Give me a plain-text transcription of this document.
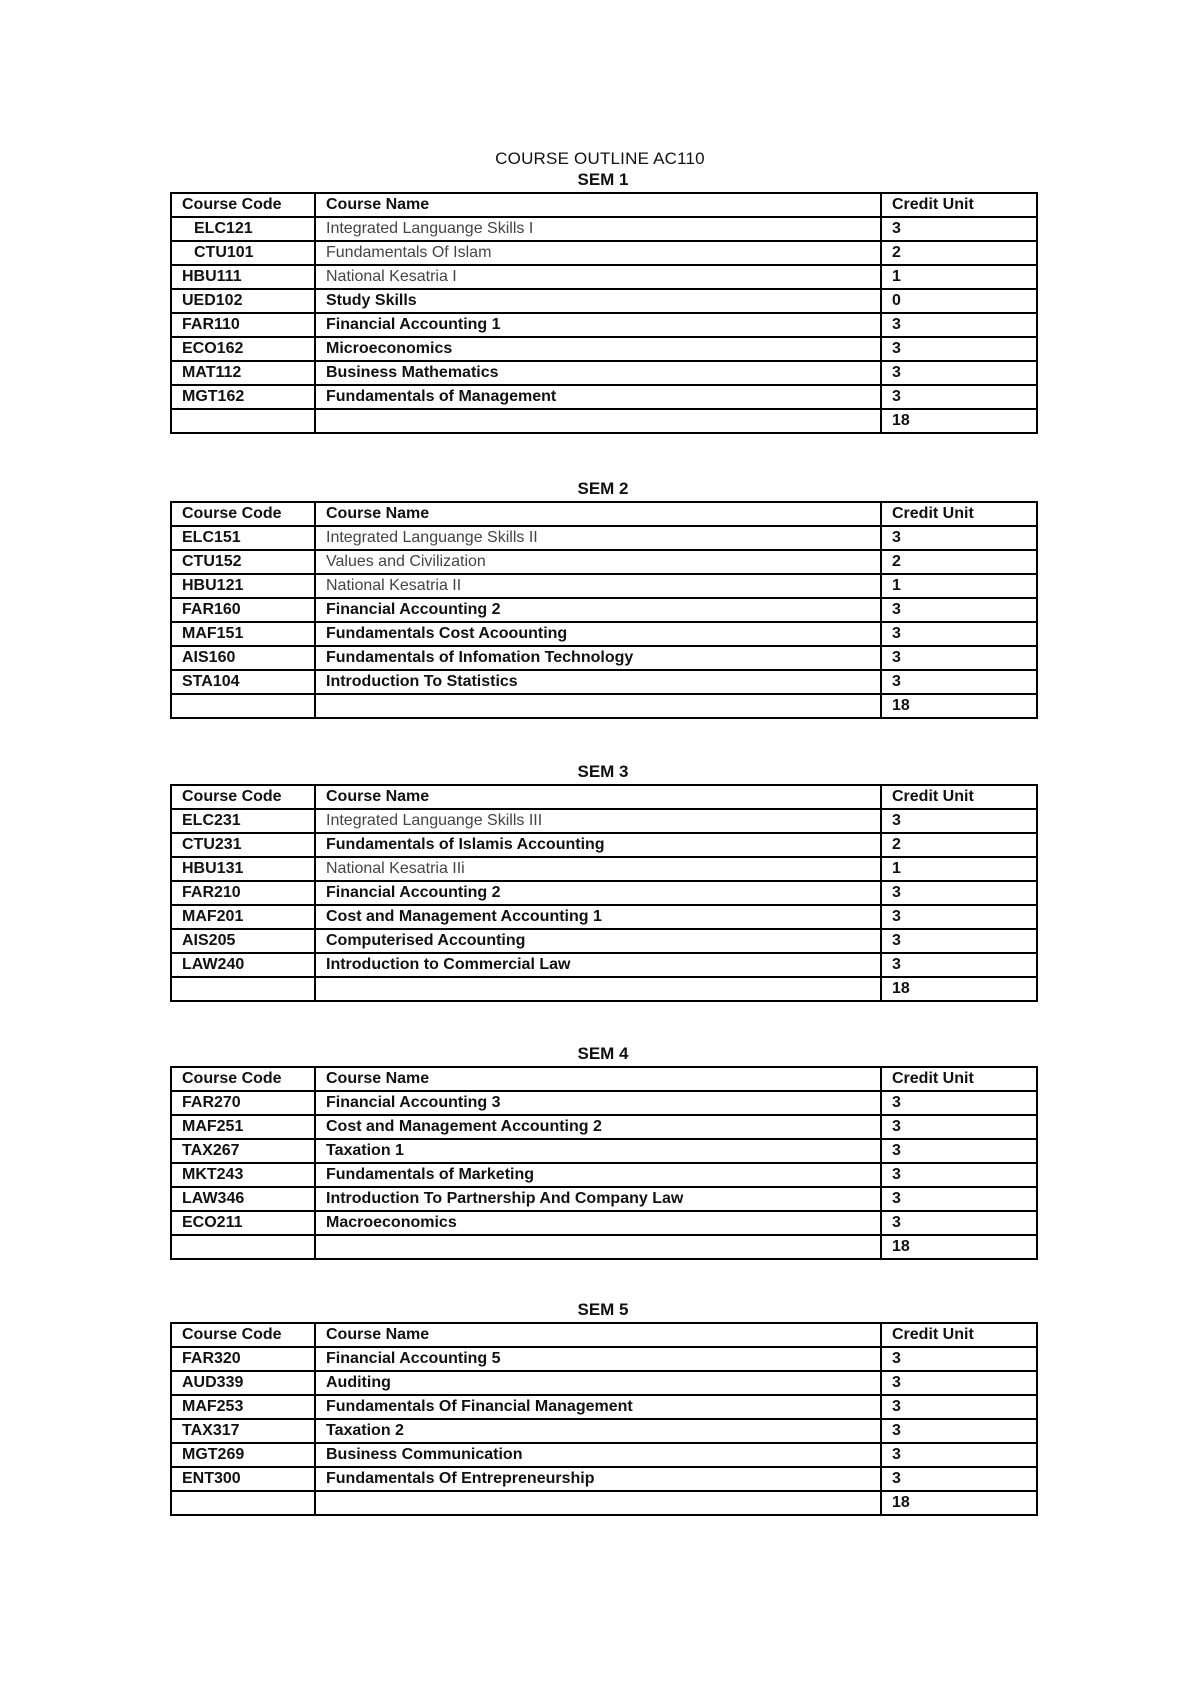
COURSE OUTLINE AC110
SEM 1
Course Code	Course Name	Credit Unit
ELC121	Integrated Languange Skills I	3
CTU101	Fundamentals Of Islam	2
HBU111	National Kesatria I	1
UED102	Study Skills	0
FAR110	Financial Accounting 1	3
ECO162	Microeconomics	3
MAT112	Business Mathematics	3
MGT162	Fundamentals of Management	3
		18
SEM 2
Course Code	Course Name	Credit Unit
ELC151	Integrated Languange Skills II	3
CTU152	Values and Civilization	2
HBU121	National Kesatria II	1
FAR160	Financial Accounting 2	3
MAF151	Fundamentals Cost Acoounting	3
AIS160	Fundamentals of Infomation Technology	3
STA104	Introduction To Statistics	3
		18
SEM 3
Course Code	Course Name	Credit Unit
ELC231	Integrated Languange Skills III	3
CTU231	Fundamentals of Islamis Accounting	2
HBU131	National Kesatria IIi	1
FAR210	Financial Accounting 2	3
MAF201	Cost and Management Accounting 1	3
AIS205	Computerised Accounting	3
LAW240	Introduction to Commercial Law	3
		18
SEM 4
Course Code	Course Name	Credit Unit
FAR270	Financial Accounting 3	3
MAF251	Cost and Management Accounting 2	3
TAX267	Taxation 1	3
MKT243	Fundamentals of Marketing	3
LAW346	Introduction To Partnership And Company Law	3
ECO211	Macroeconomics	3
		18
SEM 5
Course Code	Course Name	Credit Unit
FAR320	Financial Accounting 5	3
AUD339	Auditing	3
MAF253	Fundamentals Of Financial Management	3
TAX317	Taxation 2	3
MGT269	Business Communication	3
ENT300	Fundamentals Of Entrepreneurship	3
		18
